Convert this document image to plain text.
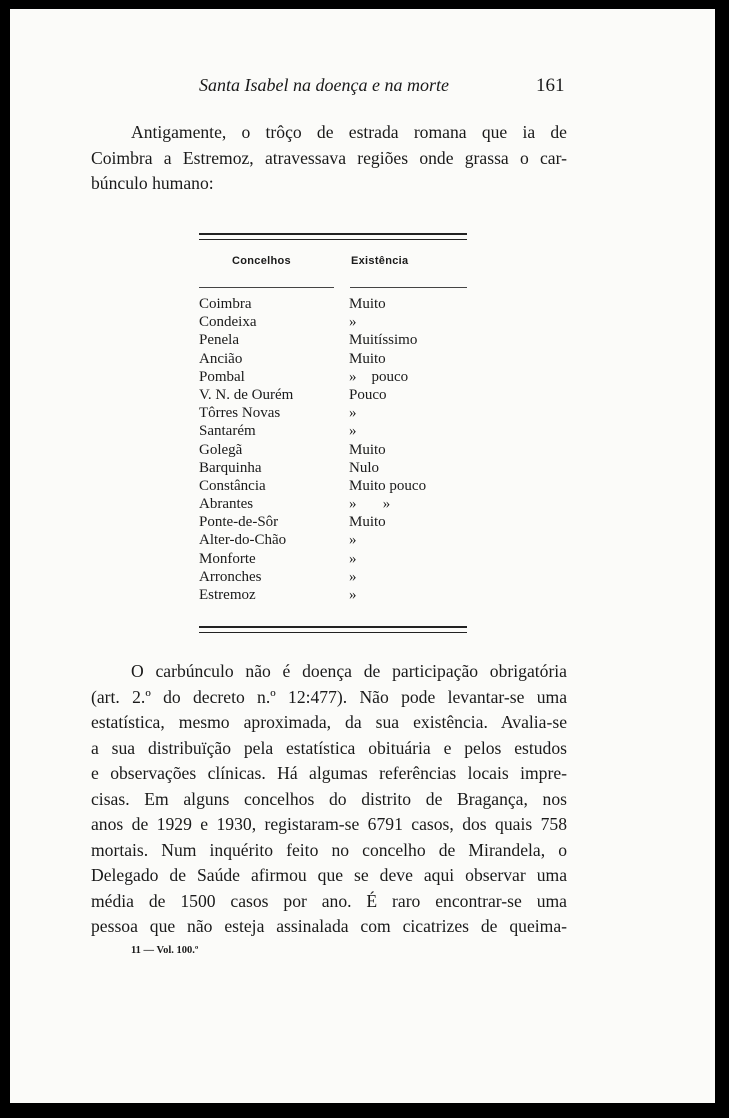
Santa Isabel na doença e na morte	161
Antigamente, o trôço de estrada romana que ia de
Coimbra a Estremoz, atravessava regiões onde grassa o car-
búnculo humano:
Concelhos	Existência
Coimbra	Muito
Condeixa	»
Penela	Muitíssimo
Ancião	Muito
Pombal	»    pouco
V. N. de Ourém	Pouco
Tôrres Novas	»
Santarém	»
Golegã	Muito
Barquinha	Nulo
Constância	Muito pouco
Abrantes	»       »
Ponte-de-Sôr	Muito
Alter-do-Chão	»
Monforte	»
Arronches	»
Estremoz	»
O carbúnculo não é doença de participação obrigatória
(art. 2.º do decreto n.º 12:477). Não pode levantar-se uma
estatística, mesmo aproximada, da sua existência. Avalia-se
a sua distribuïção pela estatística obituária e pelos estudos
e observações clínicas. Há algumas referências locais impre-
cisas. Em alguns concelhos do distrito de Bragança, nos
anos de 1929 e 1930, registaram-se 6791 casos, dos quais 758
mortais. Num inquérito feito no concelho de Mirandela, o
Delegado de Saúde afirmou que se deve aqui observar uma
média de 1500 casos por ano. É raro encontrar-se uma
pessoa que não esteja assinalada com cicatrizes de queima-
11 — Vol. 100.º
